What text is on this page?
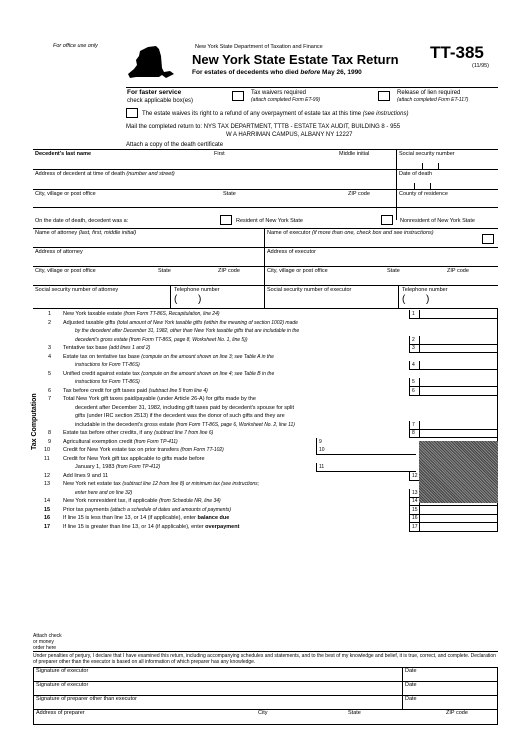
For office use only	New York State Department of Taxation and Finance
New York State Estate Tax Return
For estates of decedents who died before May 26, 1990
TT-385
(11/95)
For faster service
check applicable box(es)
Tax waivers required
(attach completed Form ET-99)
Release of lien required
(attach completed Form ET-117)
The estate waives its right to a refund of any overpayment of estate tax at this time (see instructions)
Mail the completed return to: NYS TAX DEPARTMENT, TTTB - ESTATE TAX AUDIT, BUILDING 8 - 955
W A HARRIMAN CAMPUS, ALBANY NY 12227
Attach a copy of the death certificate
Decedent's last name	First	Middle initial	Social security number
Address of decedent at time of death (number and street)	Date of death
City, village or post office	State	ZIP code	County of residence
On the date of death, decedent was a:	Resident of New York State	Nonresident of New York State
Name of attorney (last, first, middle initial)	Name of executor (if more than one, check box and see instructions)
Address of attorney	Address of executor
City, village or post office	State	ZIP code	City, village or post office	State	ZIP code
Social security number of attorney	Telephone number
( )
Social security number of executor	Telephone number
( )
Tax Computation
Attach check
or money
order here
1 New York taxable estate (from Form TT-86S, Recapitulation, line 24)	1
2 Adjusted taxable gifts (total amount of New York taxable gifts (within the meaning of section 1002) made
by the decedent after December 31, 1982, other than New York taxable gifts that are includable in the
decedent's gross estate (from Form TT-86S, page 8, Worksheet No. 1, line 5))	2
3 Tentative tax base (add lines 1 and 2)	3
4 Estate tax on tentative tax base (compute on the amount shown on line 3; see Table A in the
instructions for Form TT-86S)	4
5 Unified credit against estate tax (compute on the amount shown on line 4; see Table B in the
instructions for Form TT-86S)	5
6 Tax before credit for gift taxes paid (subtract line 5 from line 4)	6
7 Total New York gift taxes paid/payable (under Article 26-A) for gifts made by the
decedent after December 31, 1982, including gift taxes paid by decedent's spouse for split
gifts (under IRC section 2513) if the decedent was the donor of such gifts and they are
includable in the decedent's gross estate (from Form TT-86S, page 6, Worksheet No. 2, line 11)	7
8 Estate tax before other credits, if any (subtract line 7 from line 6)	8
9 Agricultural exemption credit (from Form TP-411)	9
10 Credit for New York estate tax on prior transfers (from Form TT-102)	10
11 Credit for New York gift tax applicable to gifts made before
January 1, 1983 (from Form TP-412)	11
12 Add lines 9 and 11	12
13 New York net estate tax (subtract line 12 from line 8) or minimum tax (see instructions;
enter here and on line 32)	13
14 New York nonresident tax, if applicable (from Schedule NR, line 34)	14
15 Prior tax payments (attach a schedule of dates and amounts of payments)	15
16 If line 15 is less than line 13, or 14 (if applicable), enter balance due	16
17 If line 15 is greater than line 13, or 14 (if applicable), enter overpayment	17
Under penalties of perjury, I declare that I have examined this return, including accompanying schedules and statements, and to the best of my knowledge and belief, it is true, correct, and complete. Declaration of preparer other than the executor is based on all information of which preparer has any knowledge.
Signature of executor	Date
Signature of executor	Date
Signature of preparer other than executor	Date
Address of preparer	City	State	ZIP code
